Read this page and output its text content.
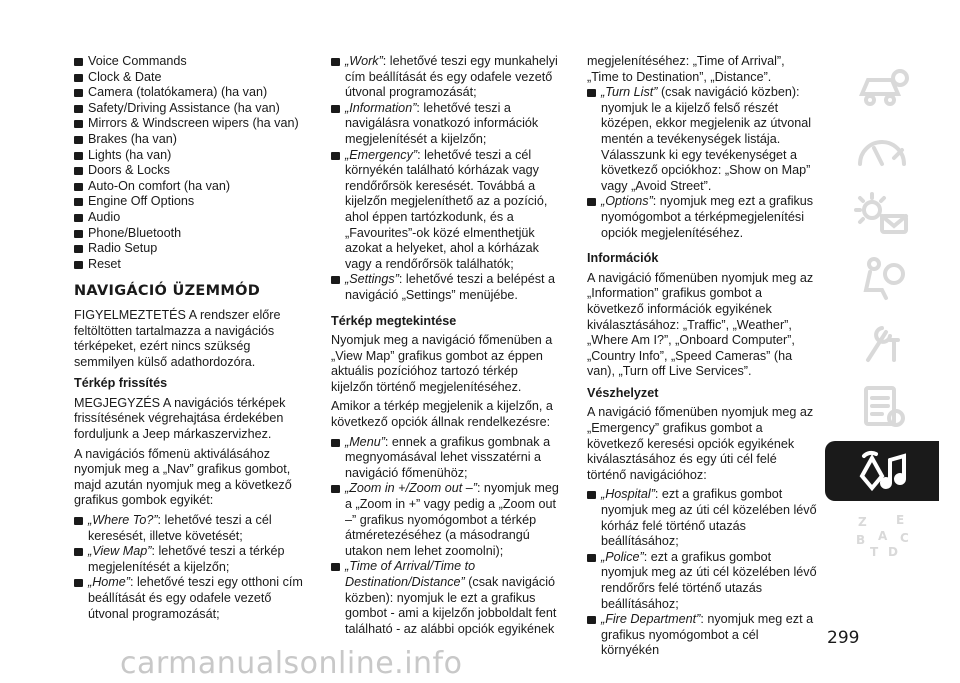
Voice Commands
Clock & Date
Camera (tolatókamera) (ha van)
Safety/Driving Assistance (ha van)
Mirrors & Windscreen wipers (ha van)
Brakes (ha van)
Lights (ha van)
Doors & Locks
Auto-On comfort (ha van)
Engine Off Options
Audio
Phone/Bluetooth
Radio Setup
Reset
NAVIGÁCIÓ ÜZEMMÓD
FIGYELMEZTETÉS A rendszer előre feltöltötten tartalmazza a navigációs térképeket, ezért nincs szükség semmilyen külső adathordozóra.
Térkép frissítés
MEGJEGYZÉS A navigációs térképek frissítésének végrehajtása érdekében forduljunk a Jeep márkaszervizhez.
A navigációs főmenü aktiválásához nyomjuk meg a „Nav” grafikus gombot, majd azután nyomjuk meg a következő grafikus gombok egyikét:
„Where To?”: lehetővé teszi a cél keresését, illetve követését;
„View Map”: lehetővé teszi a térkép megjelenítését a kijelzőn;
„Home”: lehetővé teszi egy otthoni cím beállítását és egy odafele vezető útvonal programozását;
„Work”: lehetővé teszi egy munkahelyi cím beállítását és egy odafele vezető útvonal programozását;
„Information”: lehetővé teszi a navigálásra vonatkozó információk megjelenítését a kijelzőn;
„Emergency”: lehetővé teszi a cél környékén található kórházak vagy rendőrőrsök keresését. Továbbá a kijelzőn megjeleníthető az a pozíció, ahol éppen tartózkodunk, és a „Favourites”-ok közé elmenthetjük azokat a helyeket, ahol a kórházak vagy a rendőrőrsök találhatók;
„Settings”: lehetővé teszi a belépést a navigáció „Settings” menüjébe.
Térkép megtekintése
Nyomjuk meg a navigáció főmenüben a „View Map” grafikus gombot az éppen aktuális pozícióhoz tartozó térkép kijelzőn történő megjelenítéséhez.
Amikor a térkép megjelenik a kijelzőn, a következő opciók állnak rendelkezésre:
„Menu”: ennek a grafikus gombnak a megnyomásával lehet visszatérni a navigáció főmenühöz;
„Zoom in +/Zoom out –”: nyomjuk meg a „Zoom in +” vagy pedig a „Zoom out –” grafikus nyomógombot a térkép átméretezéséhez (a másodrangú utakon nem lehet zoomolni);
„Time of Arrival/Time to Destination/Distance” (csak navigáció közben): nyomjuk le ezt a grafikus gombot - ami a kijelzőn jobboldalt fent található - az alábbi opciók egyikének
megjelenítéséhez: „Time of Arrival”, „Time to Destination”, „Distance”.
„Turn List” (csak navigáció közben): nyomjuk le a kijelző felső részét középen, ekkor megjelenik az útvonal mentén a tevékenységek listája. Válasszunk ki egy tevékenységet a következő opciókhoz: „Show on Map” vagy „Avoid Street”.
„Options”: nyomjuk meg ezt a grafikus nyomógombot a térképmegjelenítési opciók megjelenítéséhez.
Információk
A navigáció főmenüben nyomjuk meg az „Information” grafikus gombot a következő információk egyikének kiválasztásához: „Traffic”, „Weather”, „Where Am I?”, „Onboard Computer”, „Country Info”, „Speed Cameras” (ha van), „Turn off Live Services”.
Vészhelyzet
A navigáció főmenüben nyomjuk meg az „Emergency” grafikus gombot a következő keresési opciók egyikének kiválasztásához és egy úti cél felé történő navigációhoz:
„Hospital”: ezt a grafikus gombot nyomjuk meg az úti cél közelében lévő kórház felé történő utazás beállításához;
„Police”: ezt a grafikus gombot nyomjuk meg az úti cél közelében lévő rendőrőrs felé történő utazás beállításához;
„Fire Department”: nyomjuk meg ezt a grafikus nyomógombot a cél környékén
Z E
B A C
T D
299
carmanualsonline.info
